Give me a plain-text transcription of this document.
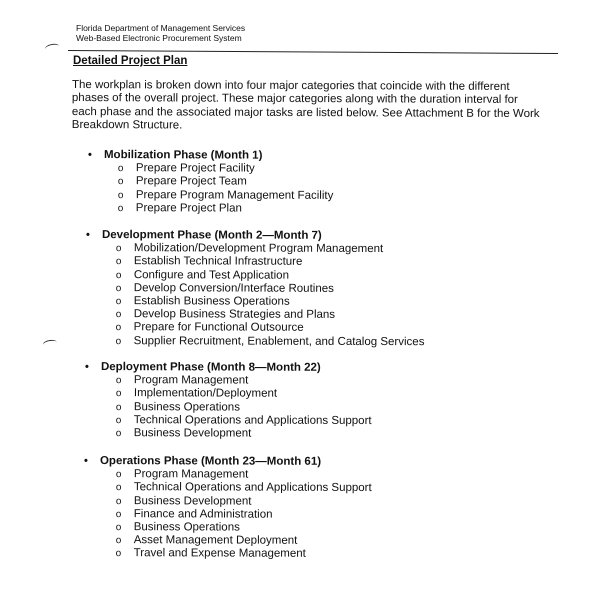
Florida Department of Management Services
Web-Based Electronic Procurement System
Detailed Project Plan
The workplan is broken down into four major categories that coincide with the different phases of the overall project. These major categories along with the duration interval for each phase and the associated major tasks are listed below. See Attachment B for the Work Breakdown Structure.
•	Mobilization Phase (Month 1)
o	Prepare Project Facility
o	Prepare Project Team
o	Prepare Program Management Facility
o	Prepare Project Plan
•	Development Phase (Month 2—Month 7)
o	Mobilization/Development Program Management
o	Establish Technical Infrastructure
o	Configure and Test Application
o	Develop Conversion/Interface Routines
o	Establish Business Operations
o	Develop Business Strategies and Plans
o	Prepare for Functional Outsource
o	Supplier Recruitment, Enablement, and Catalog Services
•	Deployment Phase (Month 8—Month 22)
o	Program Management
o	Implementation/Deployment
o	Business Operations
o	Technical Operations and Applications Support
o	Business Development
•	Operations Phase (Month 23—Month 61)
o	Program Management
o	Technical Operations and Applications Support
o	Business Development
o	Finance and Administration
o	Business Operations
o	Asset Management Deployment
o	Travel and Expense Management
